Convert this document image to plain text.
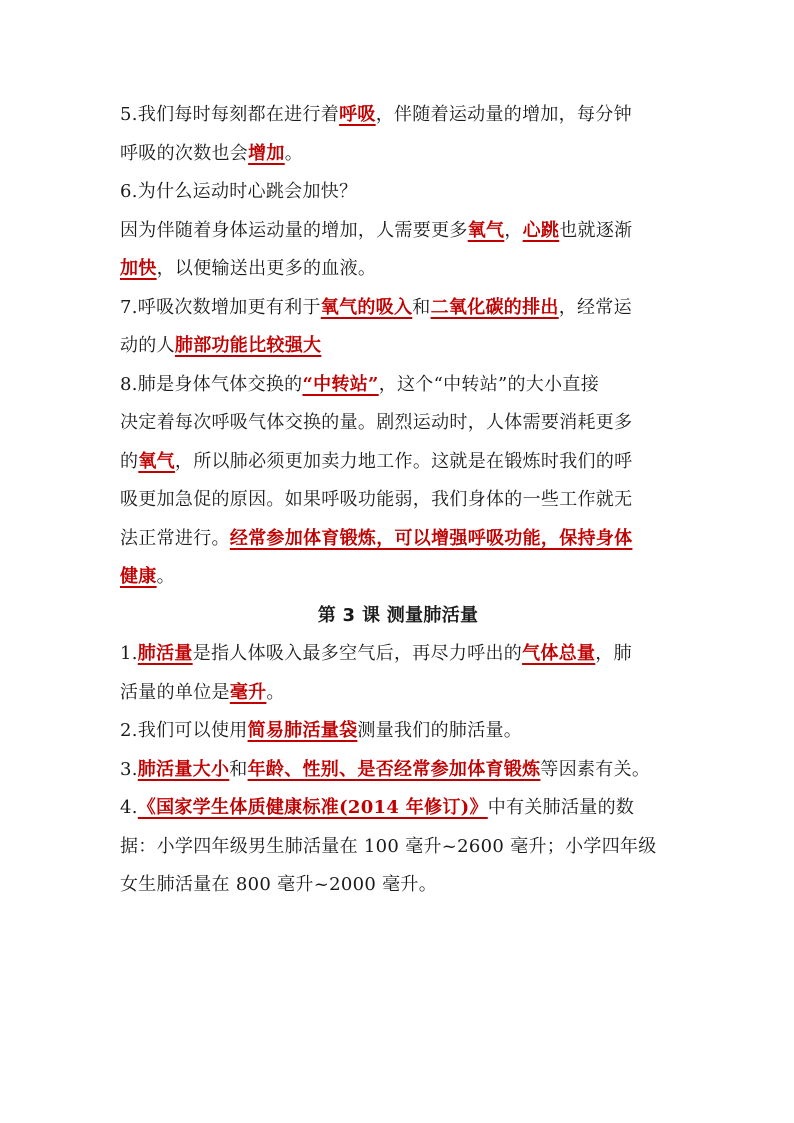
5.我们每时每刻都在进行着呼吸，伴随着运动量的增加，每分钟

呼吸的次数也会增加。

6.为什么运动时心跳会加快？

因为伴随着身体运动量的增加，人需要更多氧气，心跳也就逐渐

加快，以便输送出更多的血液。

7.呼吸次数增加更有利于氧气的吸入和二氧化碳的排出，经常运

动的人肺部功能比较强大

8.肺是身体气体交换的“中转站”，这个“中转站”的大小直接

决定着每次呼吸气体交换的量。剧烈运动时，人体需要消耗更多

的氧气，所以肺必须更加卖力地工作。这就是在锻炼时我们的呼

吸更加急促的原因。如果呼吸功能弱，我们身体的一些工作就无

法正常进行。经常参加体育锻炼，可以增强呼吸功能，保持身体

健康。

第 3 课 测量肺活量

1.肺活量是指人体吸入最多空气后，再尽力呼出的气体总量，肺

活量的单位是毫升。

2.我们可以使用简易肺活量袋测量我们的肺活量。

3.肺活量大小和年龄、性别、是否经常参加体育锻炼等因素有关。

4.《国家学生体质健康标准(2014 年修订)》中有关肺活量的数

据：小学四年级男生肺活量在 100 毫升~2600 毫升；小学四年级

女生肺活量在 800 毫升~2000 毫升。
